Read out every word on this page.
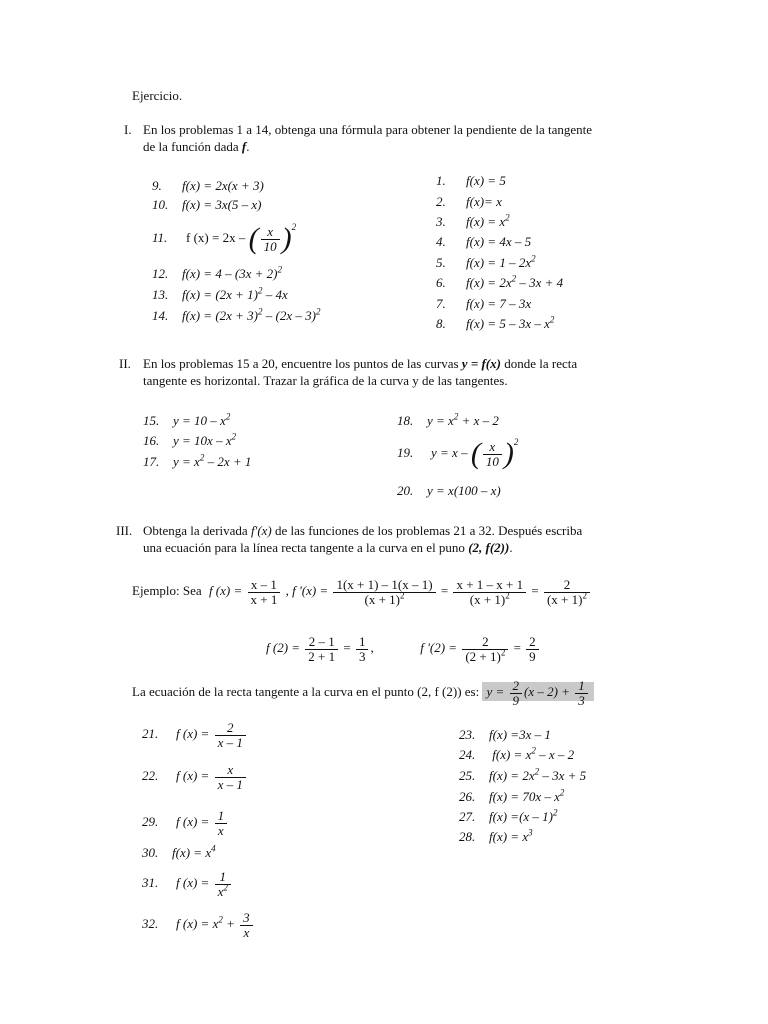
Ejercicio.
I. En los problemas 1 a 14, obtenga una fórmula para obtener la pendiente de la tangente
de la función dada f.
9. f(x) = 2x(x + 3)
10. f(x) = 3x(5 – x)
11. f (x) = 2x – ( $\frac{x}{10} )^2$
12. $f(x) = 4 - (3x + 2)^2$
13. $f(x) = (2x + 1)^2 - 4x$
14. $f(x) = (2x + 3)^2 - (2x - 3)^2$
1. f(x) = 5
2. f(x)= x
3. $f(x) = x^2$
4. f(x) = 4x – 5
5. $f(x) = 1 - 2x^2$
6. $f(x) = 2x^2 - 3x + 4$
7. f(x) = 7 – 3x
8. $f(x) = 5 - 3x - x^2$
II. En los problemas 15 a 20, encuentre los puntos de las curvas y = f(x) donde la recta
tangente es horizontal. Trazar la gráfica de la curva y de las tangentes.
15. $y = 10 - x^2$
16. $y = 10x - x^2$
17. $y = x^2 - 2x + 1$
18. $y = x^2 + x - 2$
19. y = x – ( $\frac{x}{10} )^2$
20. y = x(100 – x)
III. Obtenga la derivada f'(x) de las funciones de los problemas 21 a 32. Después escriba
una ecuación para la línea recta tangente a la curva en el puno (2, f(2)).
Ejemplo: Sea f $(x) = \frac{x - 1}{x + 1}$ , f '$(x) = \frac{1(x + 1) - 1(x - 1)}{(x + 1)^2} = \frac{x + 1 - x + 1}{(x + 1)^2} = \frac{2}{(x + 1)^2}$
f $(2) = \frac{2 - 1}{2 + 1} = \frac{1}{3}$ ,	f '$(2) = \frac{2}{(2 + 1)^2} = \frac{2}{9}$
La ecuación de la recta tangente a la curva en el punto (2, f (2)) es: $y = \frac{2}{9} (x - 2) + \frac{1}{3}$
21. f $(x) = \frac{2}{x - 1}$
22. f $(x) = \frac{x}{x - 1}$
29. f $(x) = \frac{1}{x}$
30. $f(x) = x^4$
31. f $(x) = \frac{1}{x^2}$
32. f $(x) = x^2 + \frac{3}{x}$
23. f(x) =3x – 1
24. $f(x) = x^2 - x - 2$
25. $f(x) = 2x^2 - 3x + 5$
26. $f(x) = 70x - x^2$
27. f(x) =(x – 1)$^2$
28. $f(x) = x^3$
